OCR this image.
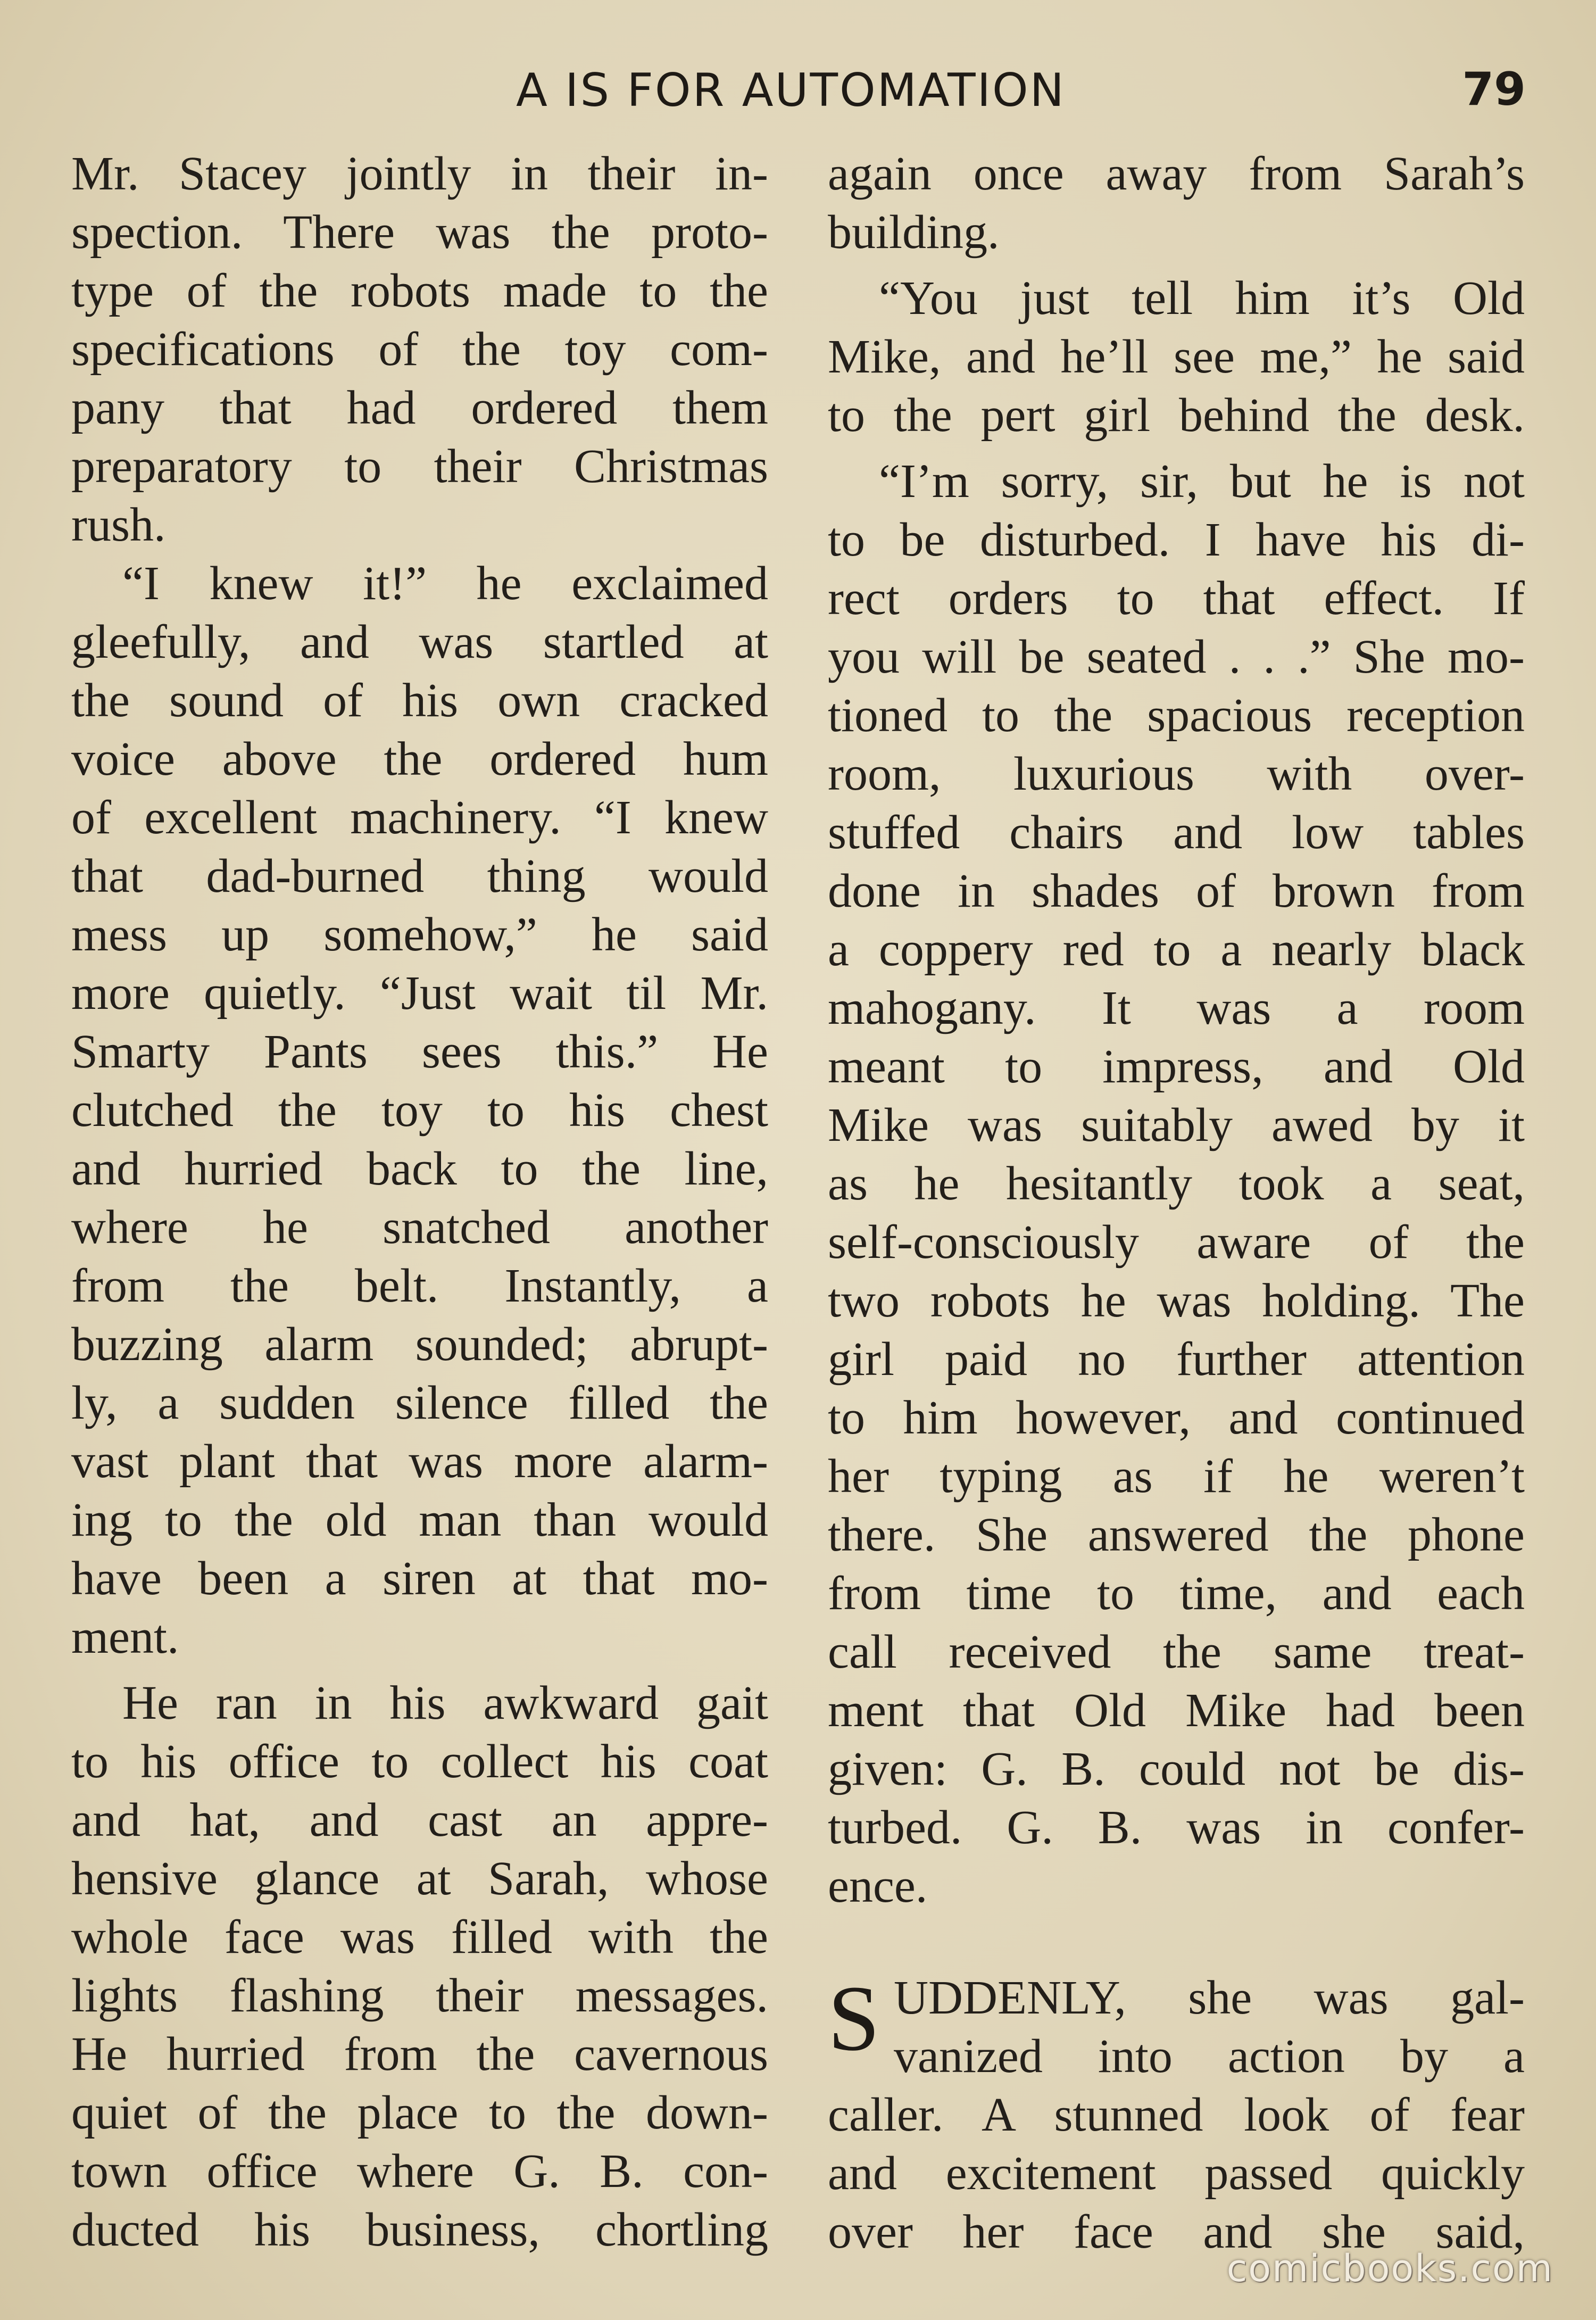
A IS FOR AUTOMATION	79
Mr. Stacey jointly in their in-
spection. There was the proto-
type of the robots made to the
specifications of the toy com-
pany that had ordered them
preparatory to their Christmas
rush.
“I knew it!” he exclaimed
gleefully, and was startled at
the sound of his own cracked
voice above the ordered hum
of excellent machinery. “I knew
that dad-burned thing would
mess up somehow,” he said
more quietly. “Just wait til Mr.
Smarty Pants sees this.” He
clutched the toy to his chest
and hurried back to the line,
where he snatched another
from the belt. Instantly, a
buzzing alarm sounded; abrupt-
ly, a sudden silence filled the
vast plant that was more alarm-
ing to the old man than would
have been a siren at that mo-
ment.
He ran in his awkward gait
to his office to collect his coat
and hat, and cast an appre-
hensive glance at Sarah, whose
whole face was filled with the
lights flashing their messages.
He hurried from the cavernous
quiet of the place to the down-
town office where G. B. con-
ducted his business, chortling
again once away from Sarah’s
building.
“You just tell him it’s Old
Mike, and he’ll see me,” he said
to the pert girl behind the desk.
“I’m sorry, sir, but he is not
to be disturbed. I have his di-
rect orders to that effect. If
you will be seated . . .” She mo-
tioned to the spacious reception
room, luxurious with over-
stuffed chairs and low tables
done in shades of brown from
a coppery red to a nearly black
mahogany. It was a room
meant to impress, and Old
Mike was suitably awed by it
as he hesitantly took a seat,
self-consciously aware of the
two robots he was holding. The
girl paid no further attention
to him however, and continued
her typing as if he weren’t
there. She answered the phone
from time to time, and each
call received the same treat-
ment that Old Mike had been
given: G. B. could not be dis-
turbed. G. B. was in confer-
ence.
S UDDENLY, she was gal-
vanized into action by a
caller. A stunned look of fear
and excitement passed quickly
over her face and she said,
comicbooks.com
